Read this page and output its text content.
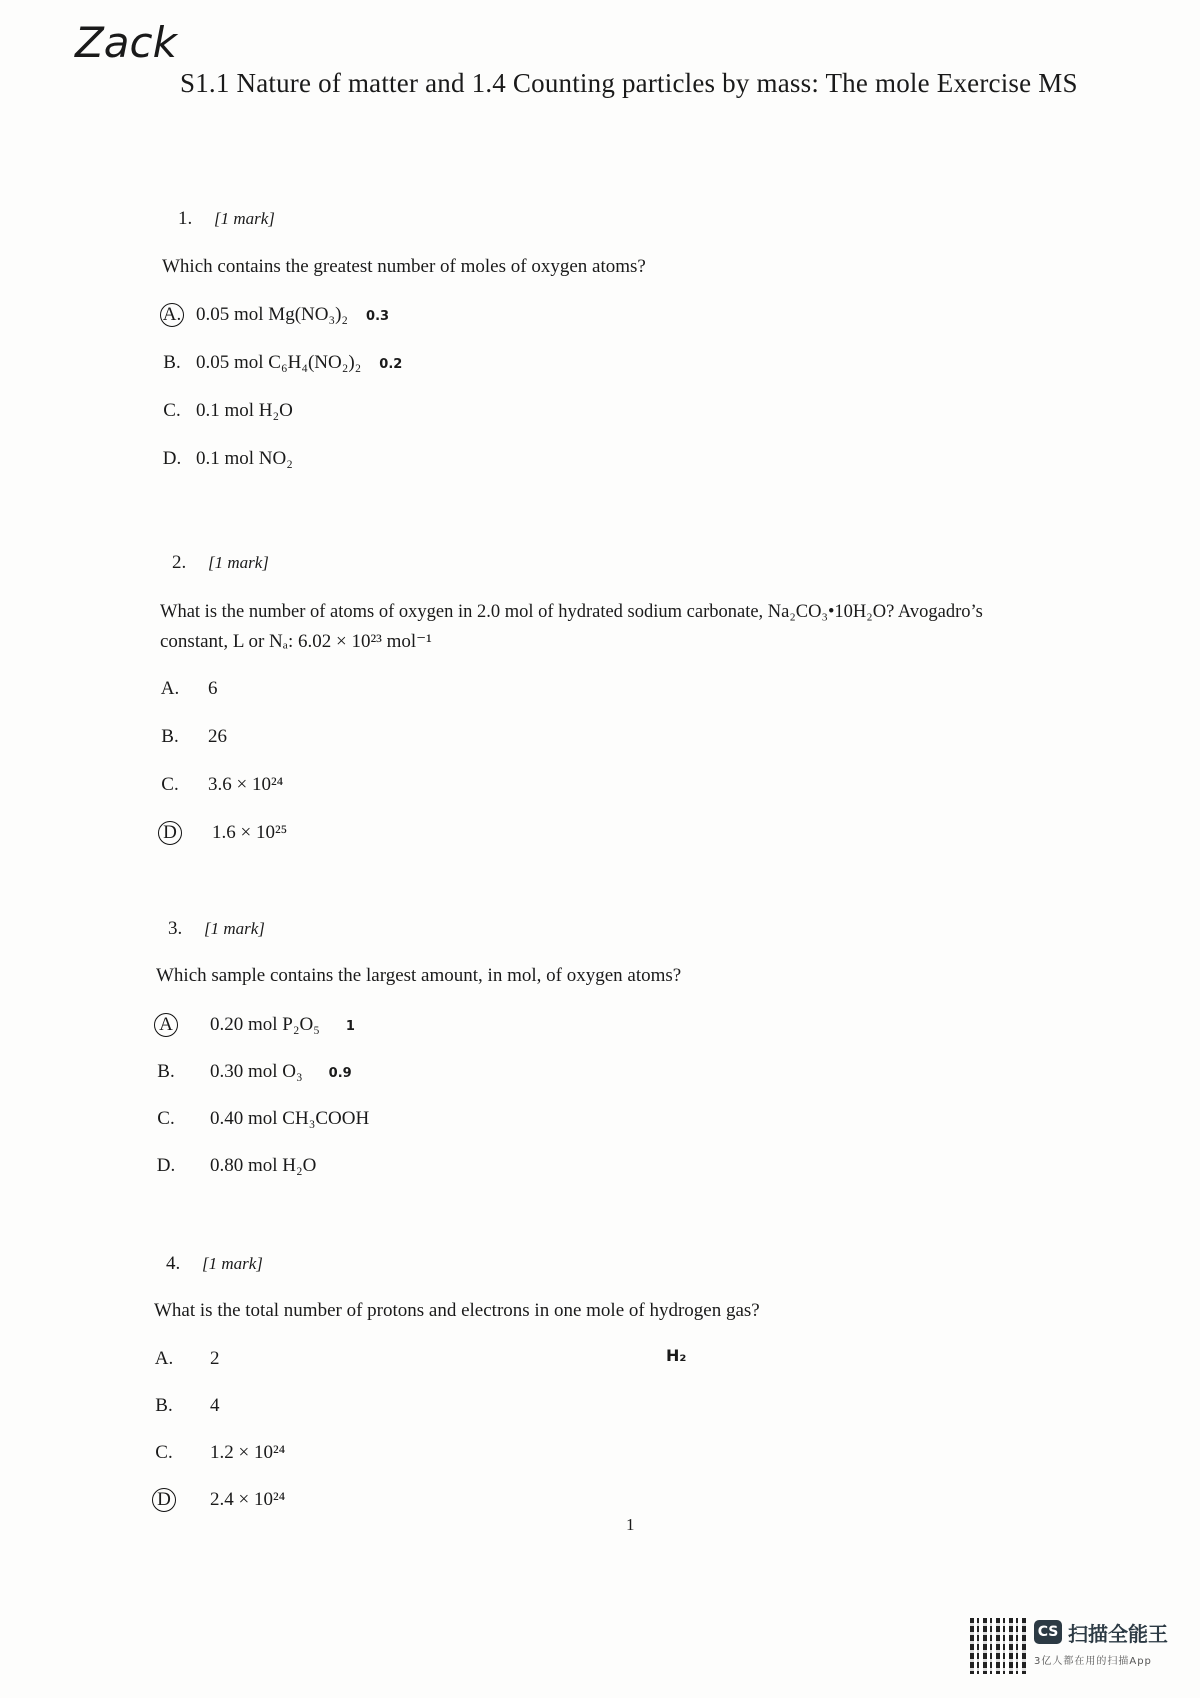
Zack
S1.1 Nature of matter and 1.4 Counting particles by mass: The mole Exercise MS
1. [1 mark]
Which contains the greatest number of moles of oxygen atoms?
A. 0.05 mol Mg(NO₃)₂ 0.3
B. 0.05 mol C₆H₄(NO₂)₂ 0.2
C. 0.1 mol H₂O
D. 0.1 mol NO₂
2. [1 mark]
What is the number of atoms of oxygen in 2.0 mol of hydrated sodium carbonate, Na₂CO₃•10H₂O? Avogadro’s
constant, L or Nₐ: 6.02 × 10²³ mol⁻¹
A. 6
B. 26
C. 3.6 × 10²⁴
D 1.6 × 10²⁵
3. [1 mark]
Which sample contains the largest amount, in mol, of oxygen atoms?
A 0.20 mol P₂O₅ 1
B. 0.30 mol O₃ 0.9
C. 0.40 mol CH₃COOH
D. 0.80 mol H₂O
4. [1 mark]
What is the total number of protons and electrons in one mole of hydrogen gas?
H₂
A. 2
B. 4
C. 1.2 × 10²⁴
D 2.4 × 10²⁴
1
CS 扫描全能王
3亿人都在用的扫描App
